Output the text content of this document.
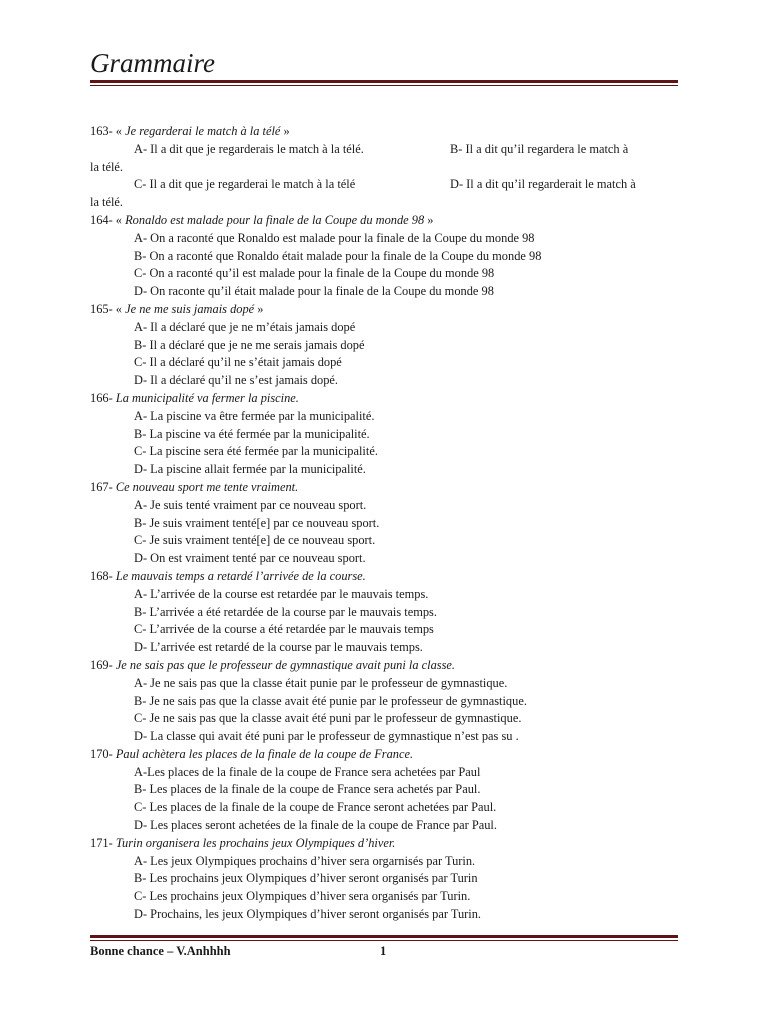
Grammaire
163- « Je regarderai le match à la télé »
A- Il a dit que je regarderais le match à la télé.	B- Il a dit qu’il regardera le match à
la télé.
C- Il a dit que je regarderai le match à la télé	D- Il a dit qu’il regarderait le match à
la télé.
164- « Ronaldo est malade pour la finale de la Coupe du monde 98 »
A- On a raconté que Ronaldo est malade pour la finale de la Coupe du monde 98
B- On a raconté que Ronaldo était malade pour la finale de la Coupe du monde 98
C- On a raconté qu’il est malade pour la finale de la Coupe du monde 98
D- On raconte qu’il était malade pour la finale de la Coupe du monde 98
165- « Je ne me suis jamais dopé »
A- Il a déclaré que je ne m’étais jamais dopé
B- Il a déclaré que je ne me serais jamais dopé
C- Il a déclaré qu’il ne s’était jamais dopé
D- Il a déclaré qu’il ne s’est jamais dopé.
166- La municipalité va fermer la piscine.
A- La piscine va être fermée par la municipalité.
B- La piscine va été fermée par la municipalité.
C- La piscine sera été fermée par la municipalité.
D- La piscine allait fermée par la municipalité.
167- Ce nouveau sport me tente vraiment.
A- Je suis tenté vraiment par ce nouveau sport.
B- Je suis vraiment tenté[e] par ce nouveau sport.
C- Je suis vraiment tenté[e] de ce nouveau sport.
D- On est vraiment tenté par ce nouveau sport.
168- Le mauvais temps a retardé l’arrivée de la course.
A- L’arrivée de la course est retardée par le mauvais temps.
B- L’arrivée a été retardée de la course par le mauvais temps.
C- L’arrivée de la course a été retardée par le mauvais temps
D- L’arrivée est retardé de la course par le mauvais temps.
169- Je ne sais pas que le professeur de gymnastique avait puni la classe.
A- Je ne sais pas que la classe était punie par le professeur de gymnastique.
B- Je ne sais pas que la classe avait été punie par le professeur de gymnastique.
C- Je ne sais pas que la classe avait été puni par le professeur de gymnastique.
D- La classe qui avait été puni par le professeur de gymnastique n’est pas su .
170- Paul achètera les places de la finale de la coupe de France.
A-Les places de la finale de la coupe de France sera achetées par Paul
B- Les places de la finale de la coupe de France sera achetés par Paul.
C- Les places de la finale de la coupe de France seront achetées par Paul.
D- Les places seront achetées de la finale de la coupe de France par Paul.
171- Turin organisera les prochains jeux Olympiques d’hiver.
A- Les jeux Olympiques prochains d’hiver sera orgarnisés par Turin.
B- Les prochains jeux Olympiques d’hiver seront organisés par Turin
C- Les prochains jeux Olympiques d’hiver sera organisés par Turin.
D- Prochains, les jeux Olympiques d’hiver seront organisés par Turin.
Bonne chance – V.Anhhhh	1
